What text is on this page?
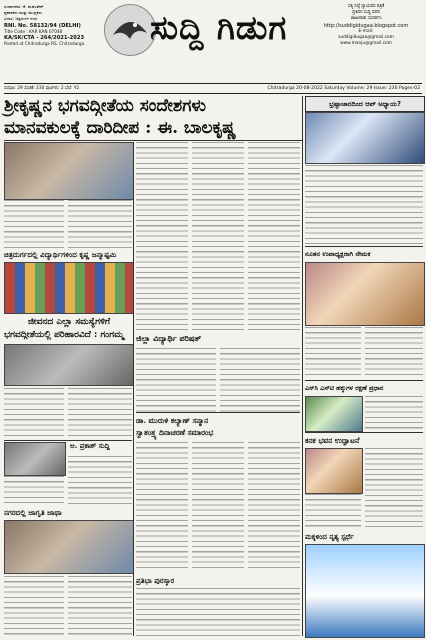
ಸಂಪಾದಕರು: ಕೆ. ಮಹಂತೇಶ್
ಪ್ರಕಾಶಕರು ಮತ್ತು ಮುದ್ರಕರು
ವಿಳಾಸ: ಚಿತ್ರದುರ್ಗ ನಗರ
RNI. No. 58132/94 (DELHI)
Title Code : KAR KAN 07048
KA/SK/CTA - 264/2021-2023
Posted at Chitradurga RS. Chitradurga	ಸುದ್ದಿ ಗಿಡುಗ
ಸತ್ಯ ನಿಷ್ಠೆ ನ್ಯಾಯಪರ ಪತ್ರಿಕೆ
ಪ್ರತಿದಿನ ಸುದ್ದಿ ವರದಿ
ಜಾಹೀರಾತು ಸಂಪರ್ಕಿಸಿ
http://suddigidugaa.blogspot.com
E-mail:
suddigidugaa@gmail.com
www.manju@gmail.com
ಸಂಪುಟ: 29 ಸಂಚಿಕೆ: 230 ಪುಟಗಳು: 2 ಬೆಲೆ: ₹2	Chitradurga 20-08-2022 Saturday Volume: 29 Issue: 230 Pages-02
ಶ್ರೀಕೃಷ್ಣನ ಭಗವದ್ಗೀತೆಯ ಸಂದೇಶಗಳು
ಮಾನವಕುಲಕ್ಕೆ ದಾರಿದೀಪ : ಈ. ಬಾಲಕೃಷ್ಣ
ಭ್ರಷ್ಟಾಚಾರದಿಂದ ಆಪ್ ಅಧ್ಯಾಯ?
ಚಿತ್ರದುರ್ಗದಲ್ಲಿ ವಿದ್ಯಾರ್ಥಿಗಳಿಂದ ಕೃಷ್ಣ ಜನ್ಮಾಷ್ಟಮಿ
ಜೀವನದ ಎಲ್ಲಾ ಸಮಸ್ಯೆಗಳಿಗೆ
ಭಗವದ್ಗೀತೆಯಲ್ಲಿ ಪರಿಹಾರವಿದೆ : ಗಂಗಮ್ಮ ಜಿಲ್ಲಾ ವಿದ್ಯಾರ್ಥಿ ಪರಿಷತ್
ನೂತನ ಉಪಾಧ್ಯಕ್ಷರಾಗಿ ನೇಮಕ
ಎಸ್‌ಸಿ ಎಸ್‌ಟಿ ಹಕ್ಕುಗಳ ರಕ್ಷಣೆ ಪ್ರಧಾನ
ಡಾ. ಮುರುಳಿ ಕಲ್ಯಾಣ್ ಸನ್ಮಾನ
ಸ್ವಾತಂತ್ರ್ಯ ದಿನಾಚರಣೆ ಸಮಾರಂಭ
ಅ. ಪ್ರಕಾಶ್ ಸುದ್ದಿ
ನಗರದಲ್ಲಿ ಜಾಗೃತಿ ಜಾಥಾ
ಪ್ರತಿಭಾ ಪುರಸ್ಕಾರ
ಕನಕ ಭವನ ಉದ್ಘಾಟನೆ
ಮಕ್ಕಳಿಂದ ನೃತ್ಯ ಸ್ಪರ್ಧೆ
